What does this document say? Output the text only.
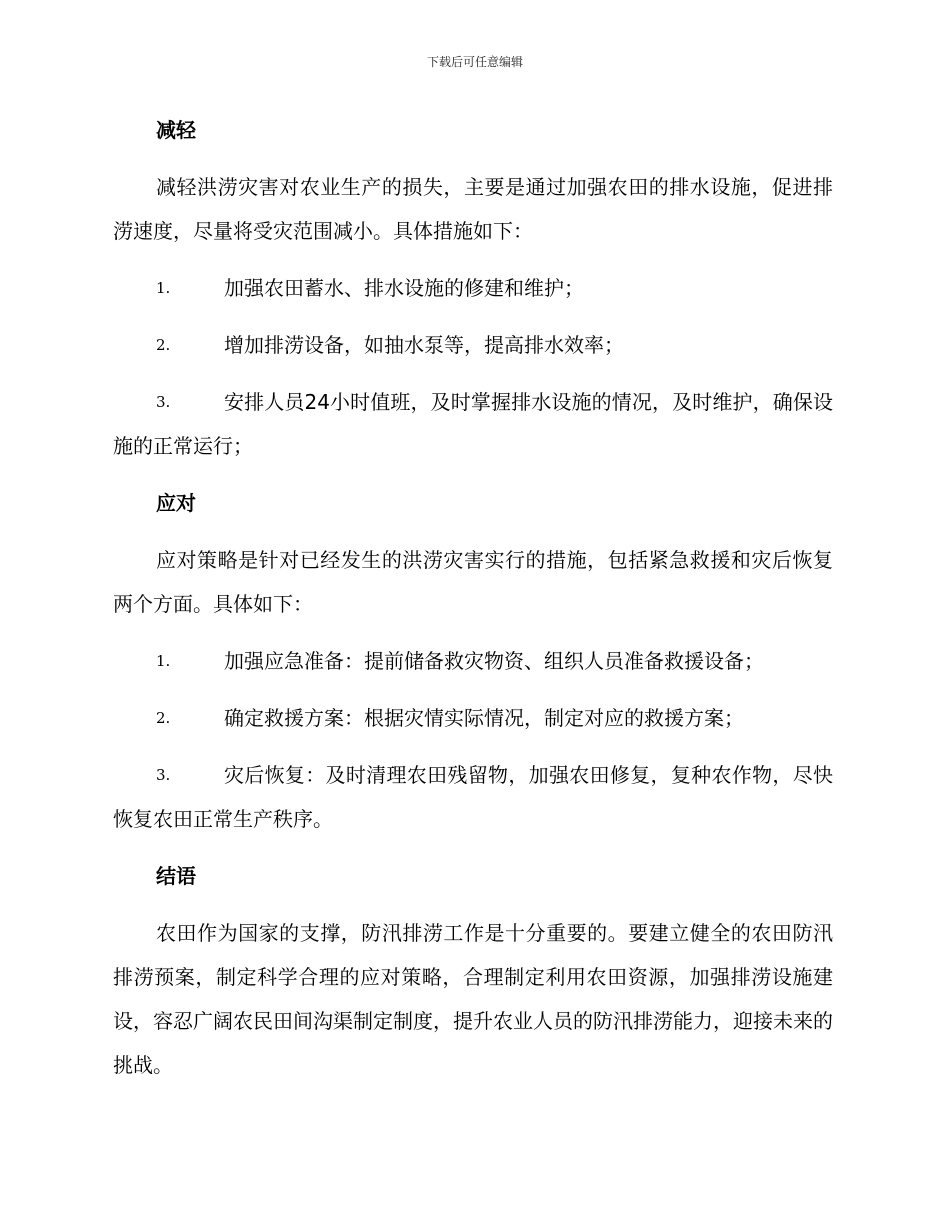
下载后可任意编辑
减轻
减轻洪涝灾害对农业生产的损失，主要是通过加强农田的排水设施，促进排涝速度，尽量将受灾范围减小。具体措施如下：
1.	加强农田蓄水、排水设施的修建和维护；
2.	增加排涝设备，如抽水泵等，提高排水效率；
3.	安排人员24小时值班，及时掌握排水设施的情况，及时维护，确保设施的正常运行；
应对
应对策略是针对已经发生的洪涝灾害实行的措施，包括紧急救援和灾后恢复两个方面。具体如下：
1.	加强应急准备：提前储备救灾物资、组织人员准备救援设备；
2.	确定救援方案：根据灾情实际情况，制定对应的救援方案；
3.	灾后恢复：及时清理农田残留物，加强农田修复，复种农作物，尽快恢复农田正常生产秩序。
结语
农田作为国家的支撑，防汛排涝工作是十分重要的。要建立健全的农田防汛排涝预案，制定科学合理的应对策略，合理制定利用农田资源，加强排涝设施建设，容忍广阔农民田间沟渠制定制度，提升农业人员的防汛排涝能力，迎接未来的挑战。
